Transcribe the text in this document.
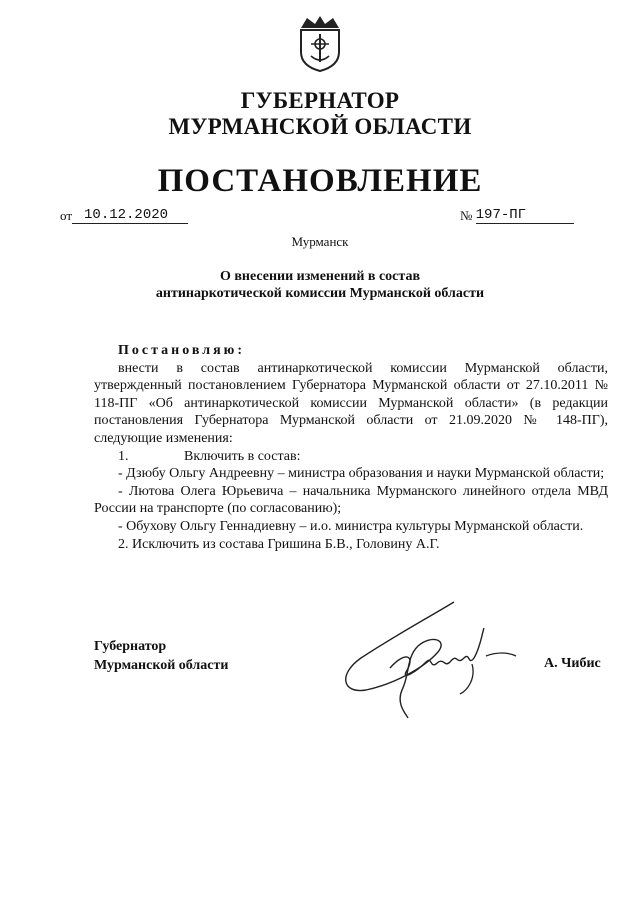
ГУБЕРНАТОР
МУРМАНСКОЙ ОБЛАСТИ
ПОСТАНОВЛЕНИЕ
от 10.12.2020	№ 197-ПГ
Мурманск
О внесении изменений в состав
антинаркотической комиссии Мурманской области
Постановляю:
внести в состав антинаркотической комиссии Мурманской области, утвержденный постановлением Губернатора Мурманской области от 27.10.2011 № 118-ПГ «Об антинаркотической комиссии Мурманской области» (в редакции постановления Губернатора Мурманской области от 21.09.2020 № 148-ПГ), следующие изменения:
1.	Включить в состав:
- Дзюбу Ольгу Андреевну – министра образования и науки Мурманской области;
- Лютова Олега Юрьевича – начальника Мурманского линейного отдела МВД России на транспорте (по согласованию);
- Обухову Ольгу Геннадиевну – и.о. министра культуры Мурманской области.
2. Исключить из состава Гришина Б.В., Головину А.Г.
Губернатор
Мурманской области	А. Чибис
